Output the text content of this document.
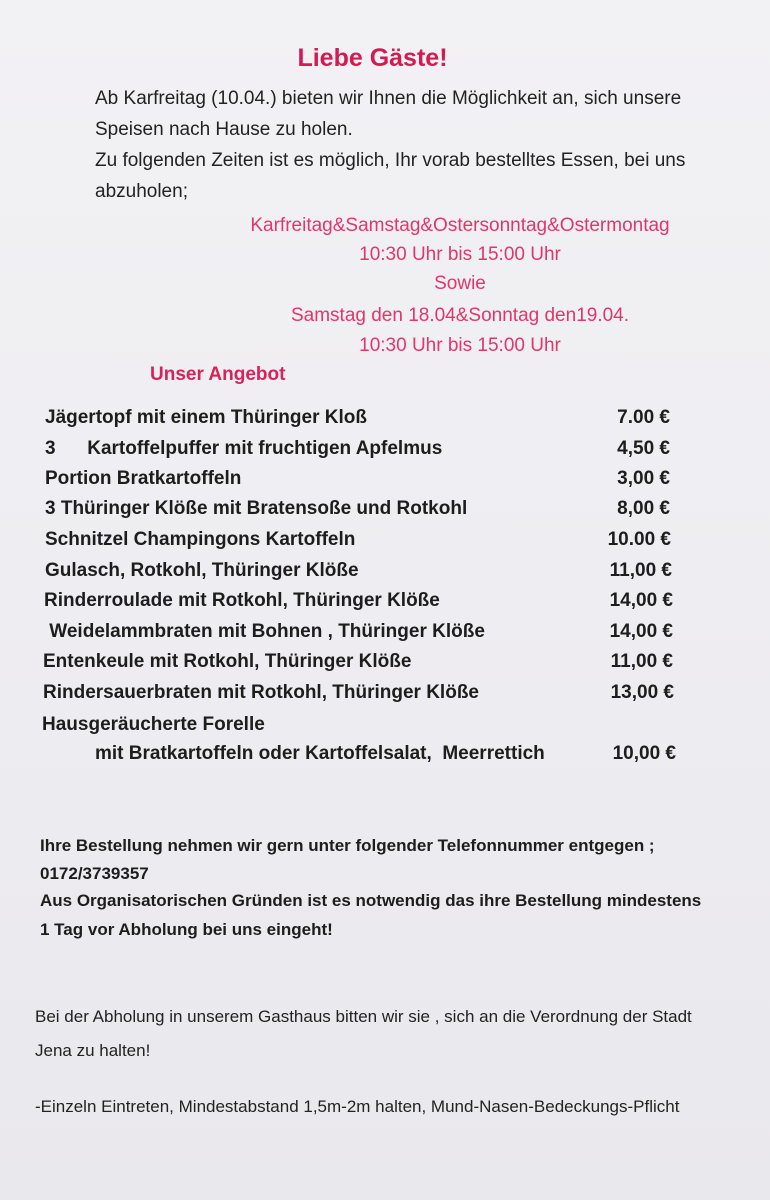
Liebe Gäste!
Ab Karfreitag (10.04.) bieten wir Ihnen die Möglichkeit an, sich unsere
Speisen nach Hause zu holen.
Zu folgenden Zeiten ist es möglich, Ihr vorab bestelltes Essen, bei uns
abzuholen;
Karfreitag&Samstag&Ostersonntag&Ostermontag
10:30 Uhr bis 15:00 Uhr
Sowie
Samstag den 18.04&Sonntag den19.04.
10:30 Uhr bis 15:00 Uhr
Unser Angebot
Jägertopf mit einem Thüringer Kloß	7.00 €
3      Kartoffelpuffer mit fruchtigen Apfelmus	4,50 €
Portion Bratkartoffeln	3,00 €
3 Thüringer Klöße mit Bratensoße und Rotkohl	8,00 €
Schnitzel Champingons Kartoffeln	10.00 €
Gulasch, Rotkohl, Thüringer Klöße	11,00 €
Rinderroulade mit Rotkohl, Thüringer Klöße	14,00 €
Weidelammbraten mit Bohnen , Thüringer Klöße	14,00 €
Entenkeule mit Rotkohl, Thüringer Klöße	11,00 €
Rindersauerbraten mit Rotkohl, Thüringer Klöße	13,00 €
Hausgeräucherte Forelle
mit Bratkartoffeln oder Kartoffelsalat,  Meerrettich	10,00 €
Ihre Bestellung nehmen wir gern unter folgender Telefonnummer entgegen ;
0172/3739357
Aus Organisatorischen Gründen ist es notwendig das ihre Bestellung mindestens
1 Tag vor Abholung bei uns eingeht!
Bei der Abholung in unserem Gasthaus bitten wir sie , sich an die Verordnung der Stadt
Jena zu halten!
-Einzeln Eintreten, Mindestabstand 1,5m-2m halten, Mund-Nasen-Bedeckungs-Pflicht
